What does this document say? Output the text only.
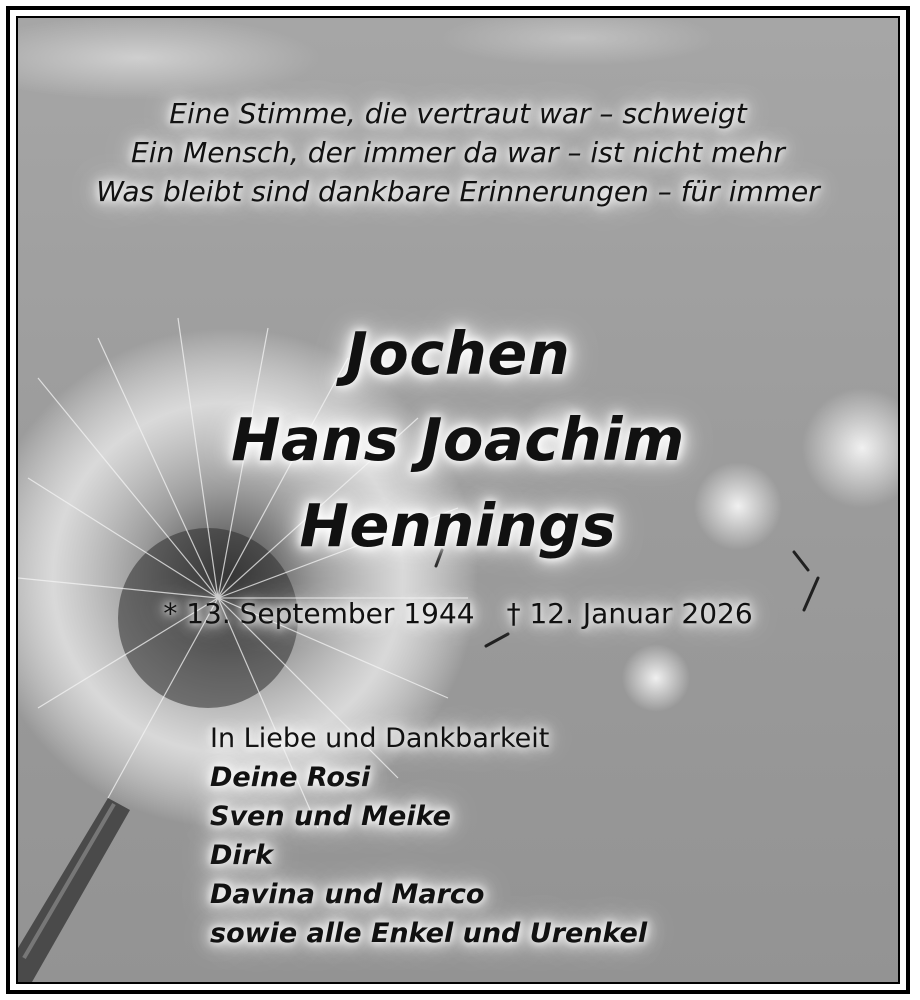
Eine Stimme, die vertraut war – schweigt
Ein Mensch, der immer da war – ist nicht mehr
Was bleibt sind dankbare Erinnerungen – für immer
Jochen
Hans Joachim
Hennings
* 13. September 1944 † 12. Januar 2026
In Liebe und Dankbarkeit
Deine Rosi
Sven und Meike
Dirk
Davina und Marco
sowie alle Enkel und Urenkel
